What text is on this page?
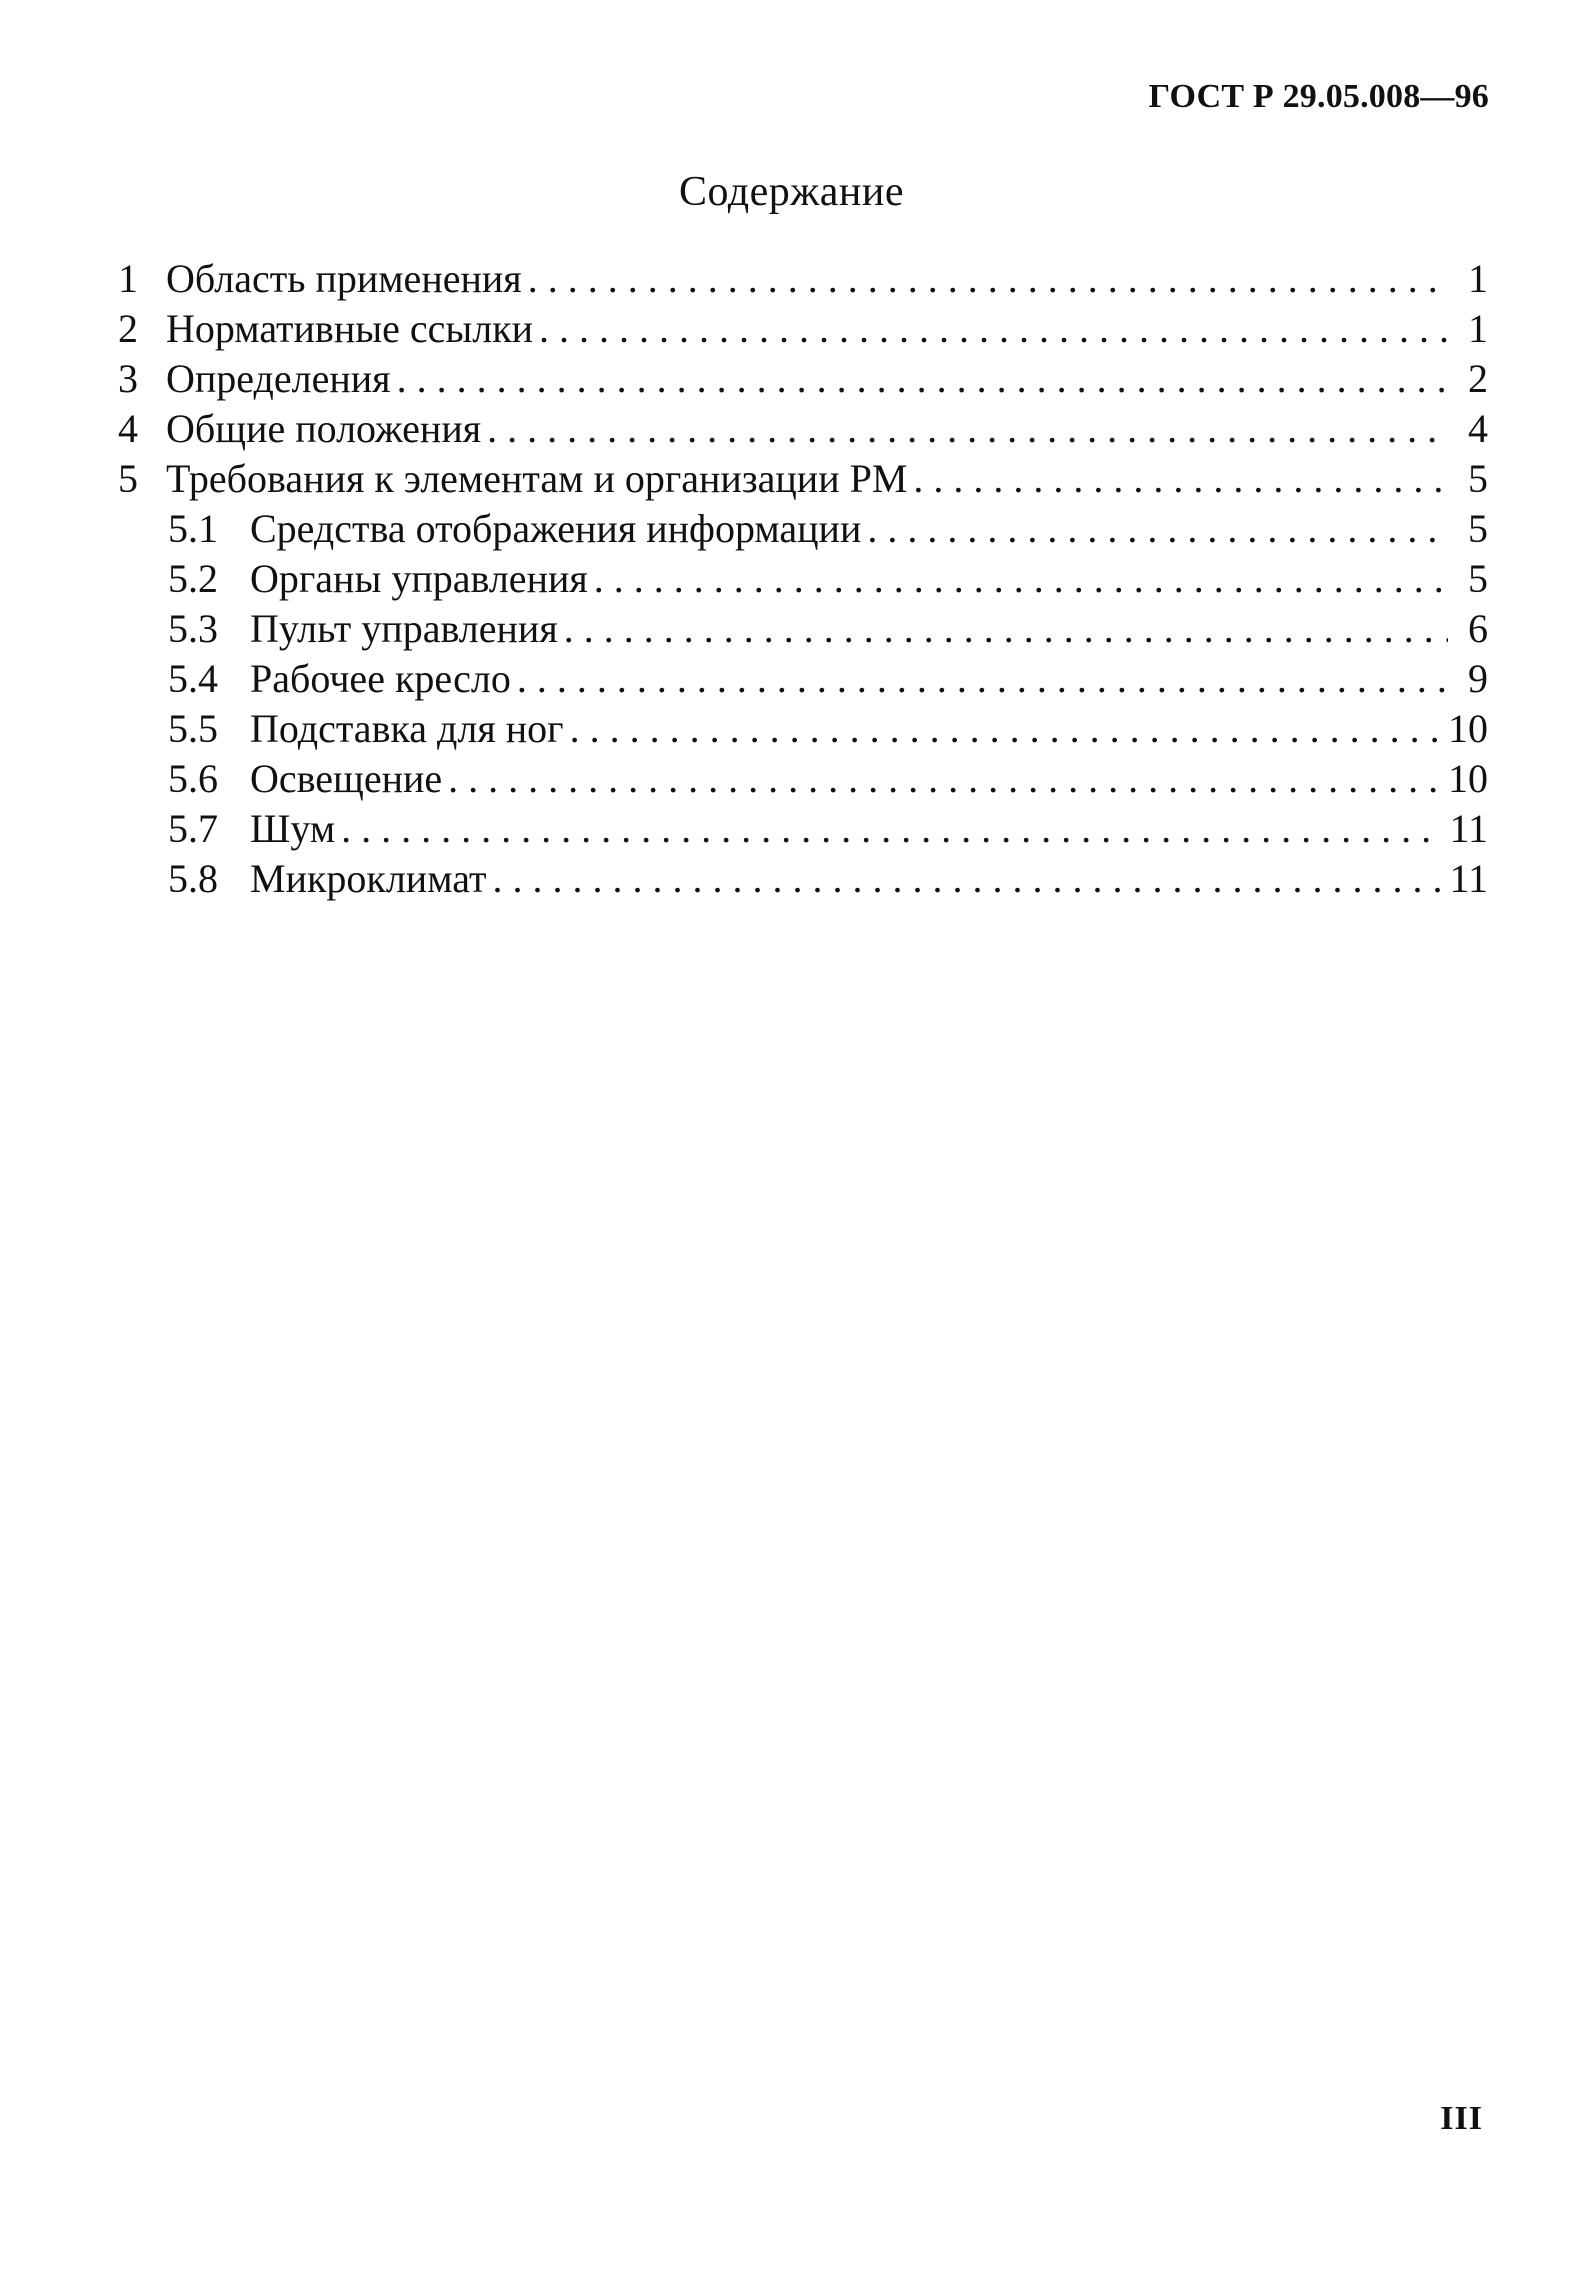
ГОСТ Р 29.05.008—96
Содержание
1 Область применения . . .	1
2 Нормативные ссылки . . .	1
3 Определения . . .	2
4 Общие положения . . .	4
5 Требования к элементам и организации РМ . . .	5
5.1 Средства отображения информации . . .	5
5.2 Органы управления . . .	5
5.3 Пульт управления . . .	6
5.4 Рабочее кресло . . .	9
5.5 Подставка для ног . . .	10
5.6 Освещение . . .	10
5.7 Шум . . .	11
5.8 Микроклимат . . .	11
III
